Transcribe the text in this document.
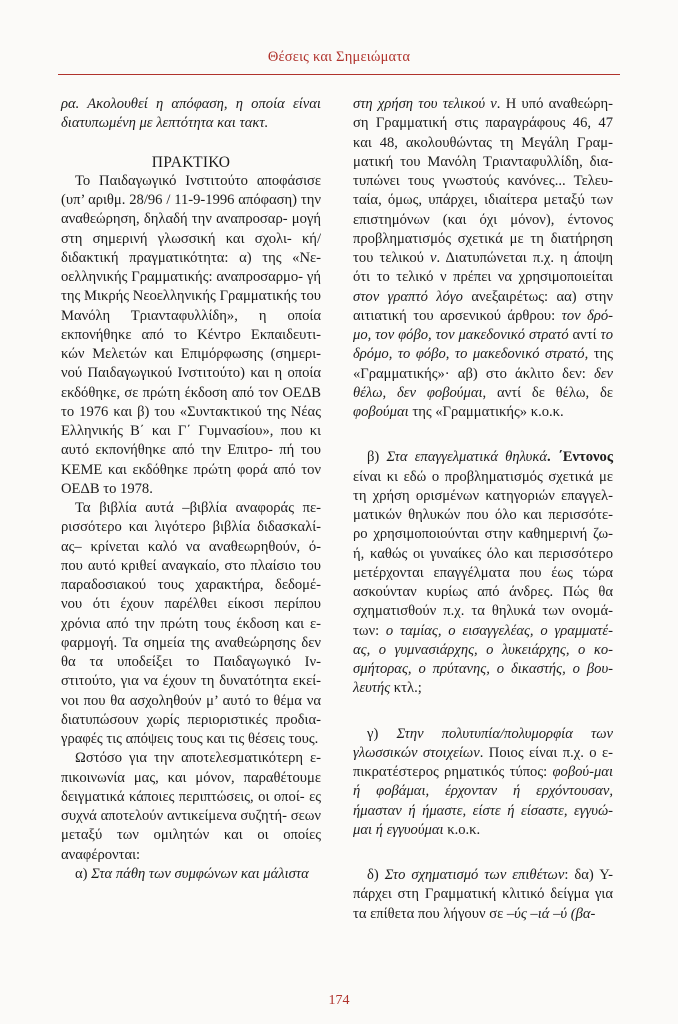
Θέσεις και Σημειώματα

ρα. Ακολουθεί η απόφαση, η οποία είναι διατυπωμένη με λεπτότητα και τακτ.

ΠΡΑΚΤΙΚΟ

Το Παιδαγωγικό Ινστιτούτο αποφάσισε (υπ’ αριθμ. 28/96 / 11-9-1996 απόφαση) την αναθεώρηση, δηλαδή την αναπροσαρ- μογή στη σημερινή γλωσσική και σχολι- κή/διδακτική πραγματικότητα: α) της «Νε- οελληνικής Γραμματικής: αναπροσαρμο- γή της Μικρής Νεοελληνικής Γραμματικής του Μανόλη Τριανταφυλλίδη», η οποία εκπονήθηκε από το Κέντρο Εκπαιδευτι- κών Μελετών και Επιμόρφωσης (σημερι- νού Παιδαγωγικού Ινστιτούτο) και η οποία εκδόθηκε, σε πρώτη έκδοση από τον ΟΕΔΒ το 1976 και β) του «Συντακτικού της Νέας Ελληνικής Β΄ και Γ΄ Γυμνασίου», που κι αυτό εκπονήθηκε από την Επιτρο- πή του ΚΕΜΕ και εκδόθηκε πρώτη φορά από τον ΟΕΔΒ το 1978.

Τα βιβλία αυτά –βιβλία αναφοράς πε- ρισσότερο και λιγότερο βιβλία διδασκαλί- ας– κρίνεται καλό να αναθεωρηθούν, ό- που αυτό κριθεί αναγκαίο, στο πλαίσιο του παραδοσιακού τους χαρακτήρα, δεδομέ- νου ότι έχουν παρέλθει είκοσι περίπου χρόνια από την πρώτη τους έκδοση και ε- φαρμογή. Τα σημεία της αναθεώρησης δεν θα τα υποδείξει το Παιδαγωγικό Ιν- στιτούτο, για να έχουν τη δυνατότητα εκεί- νοι που θα ασχοληθούν μ’ αυτό το θέμα να διατυπώσουν χωρίς περιοριστικές προδια- γραφές τις απόψεις τους και τις θέσεις τους.

Ωστόσο για την αποτελεσματικότερη ε- πικοινωνία μας, και μόνον, παραθέτουμε δειγματικά κάποιες περιπτώσεις, οι οποί- ες συχνά αποτελούν αντικείμενα συζητή- σεων μεταξύ των ομιλητών και οι οποίες αναφέρονται:

α) Στα πάθη των συμφώνων και μάλιστα

στη χρήση του τελικού ν. Η υπό αναθεώρη- ση Γραμματική στις παραγράφους 46, 47 και 48, ακολουθώντας τη Μεγάλη Γραμ- ματική του Μανόλη Τριανταφυλλίδη, δια- τυπώνει τους γνωστούς κανόνες... Τελευ- ταία, όμως, υπάρχει, ιδιαίτερα μεταξύ των επιστημόνων (και όχι μόνον), έντονος προβληματισμός σχετικά με τη διατήρηση του τελικού ν. Διατυπώνεται π.χ. η άποψη ότι το τελικό ν πρέπει να χρησιμοποιείται στον γραπτό λόγο ανεξαιρέτως: αα) στην αιτιατική του αρσενικού άρθρου: τον δρό-μο, τον φόβο, τον μακεδονικό στρατό αντί το δρόμο, το φόβο, το μακεδονικό στρατό, της «Γραμματικής»· αβ) στο άκλιτο δεν: δεν θέλω, δεν φοβούμαι, αντί δε θέλω, δε φοβούμαι της «Γραμματικής» κ.ο.κ.

β) Στα επαγγελματικά θηλυκά. ΄Εντονος είναι κι εδώ ο προβληματισμός σχετικά με τη χρήση ορισμένων κατηγοριών επαγγελ- ματικών θηλυκών που όλο και περισσότε- ρο χρησιμοποιούνται στην καθημερινή ζω- ή, καθώς οι γυναίκες όλο και περισσότερο μετέρχονται επαγγέλματα που έως τώρα ασκούνταν κυρίως από άνδρες. Πώς θα σχηματισθούν π.χ. τα θηλυκά των ονομά- των: ο ταμίας, ο εισαγγελέας, ο γραμματέ- ας, ο γυμνασιάρχης, ο λυκειάρχης, ο κο- σμήτορας, ο πρύτανης, ο δικαστής, ο βου-λευτής κτλ.;

γ) Στην πολυτυπία/πολυμορφία των γλωσσικών στοιχείων. Ποιος είναι π.χ. ο ε-πικρατέστερος ρηματικός τύπος: φοβού-μαι ή φοβάμαι, έρχονταν ή ερχόντουσαν, ήμασταν ή ήμαστε, είστε ή είσαστε, εγγυώ-μαι ή εγγυούμαι κ.ο.κ.

δ) Στο σχηματισμό των επιθέτων: δα) Υ-πάρχει στη Γραμματική κλιτικό δείγμα για τα επίθετα που λήγουν σε –ύς –ιά –ύ (βα-

174
